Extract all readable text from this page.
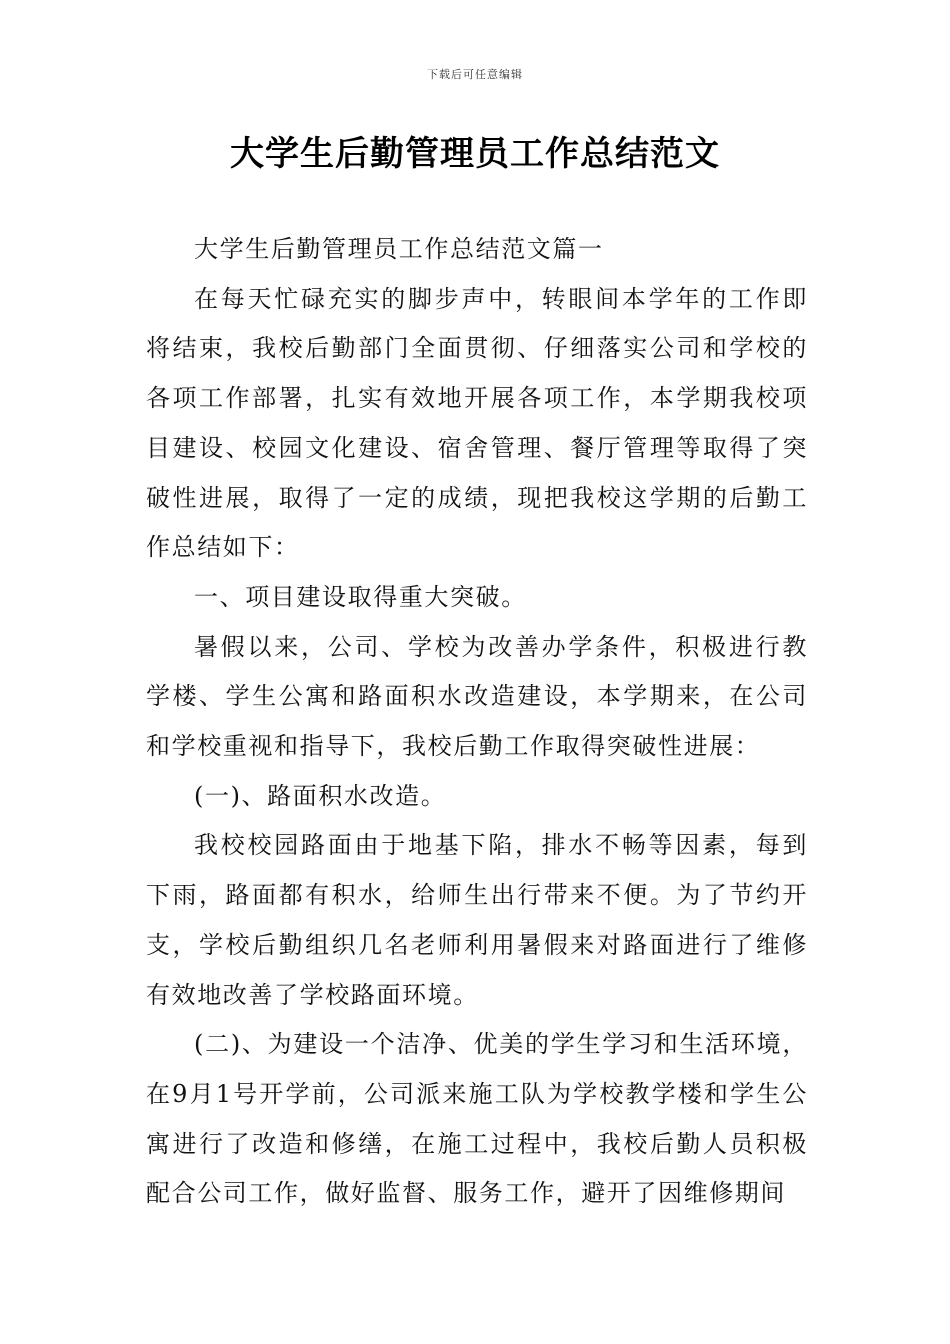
下载后可任意编辑
大学生后勤管理员工作总结范文

大学生后勤管理员工作总结范文篇一

在每天忙碌充实的脚步声中，转眼间本学年的工作即将结束，我校后勤部门全面贯彻、仔细落实公司和学校的各项工作部署，扎实有效地开展各项工作，本学期我校项目建设、校园文化建设、宿舍管理、餐厅管理等取得了突破性进展，取得了一定的成绩，现把我校这学期的后勤工作总结如下：

一、项目建设取得重大突破。

暑假以来，公司、学校为改善办学条件，积极进行教学楼、学生公寓和路面积水改造建设，本学期来，在公司和学校重视和指导下，我校后勤工作取得突破性进展：

(一)、路面积水改造。

我校校园路面由于地基下陷，排水不畅等因素，每到下雨，路面都有积水，给师生出行带来不便。为了节约开支，学校后勤组织几名老师利用暑假来对路面进行了维修有效地改善了学校路面环境。

(二)、为建设一个洁净、优美的学生学习和生活环境，在9月1号开学前，公司派来施工队为学校教学楼和学生公寓进行了改造和修缮，在施工过程中，我校后勤人员积极配合公司工作，做好监督、服务工作，避开了因维修期间
